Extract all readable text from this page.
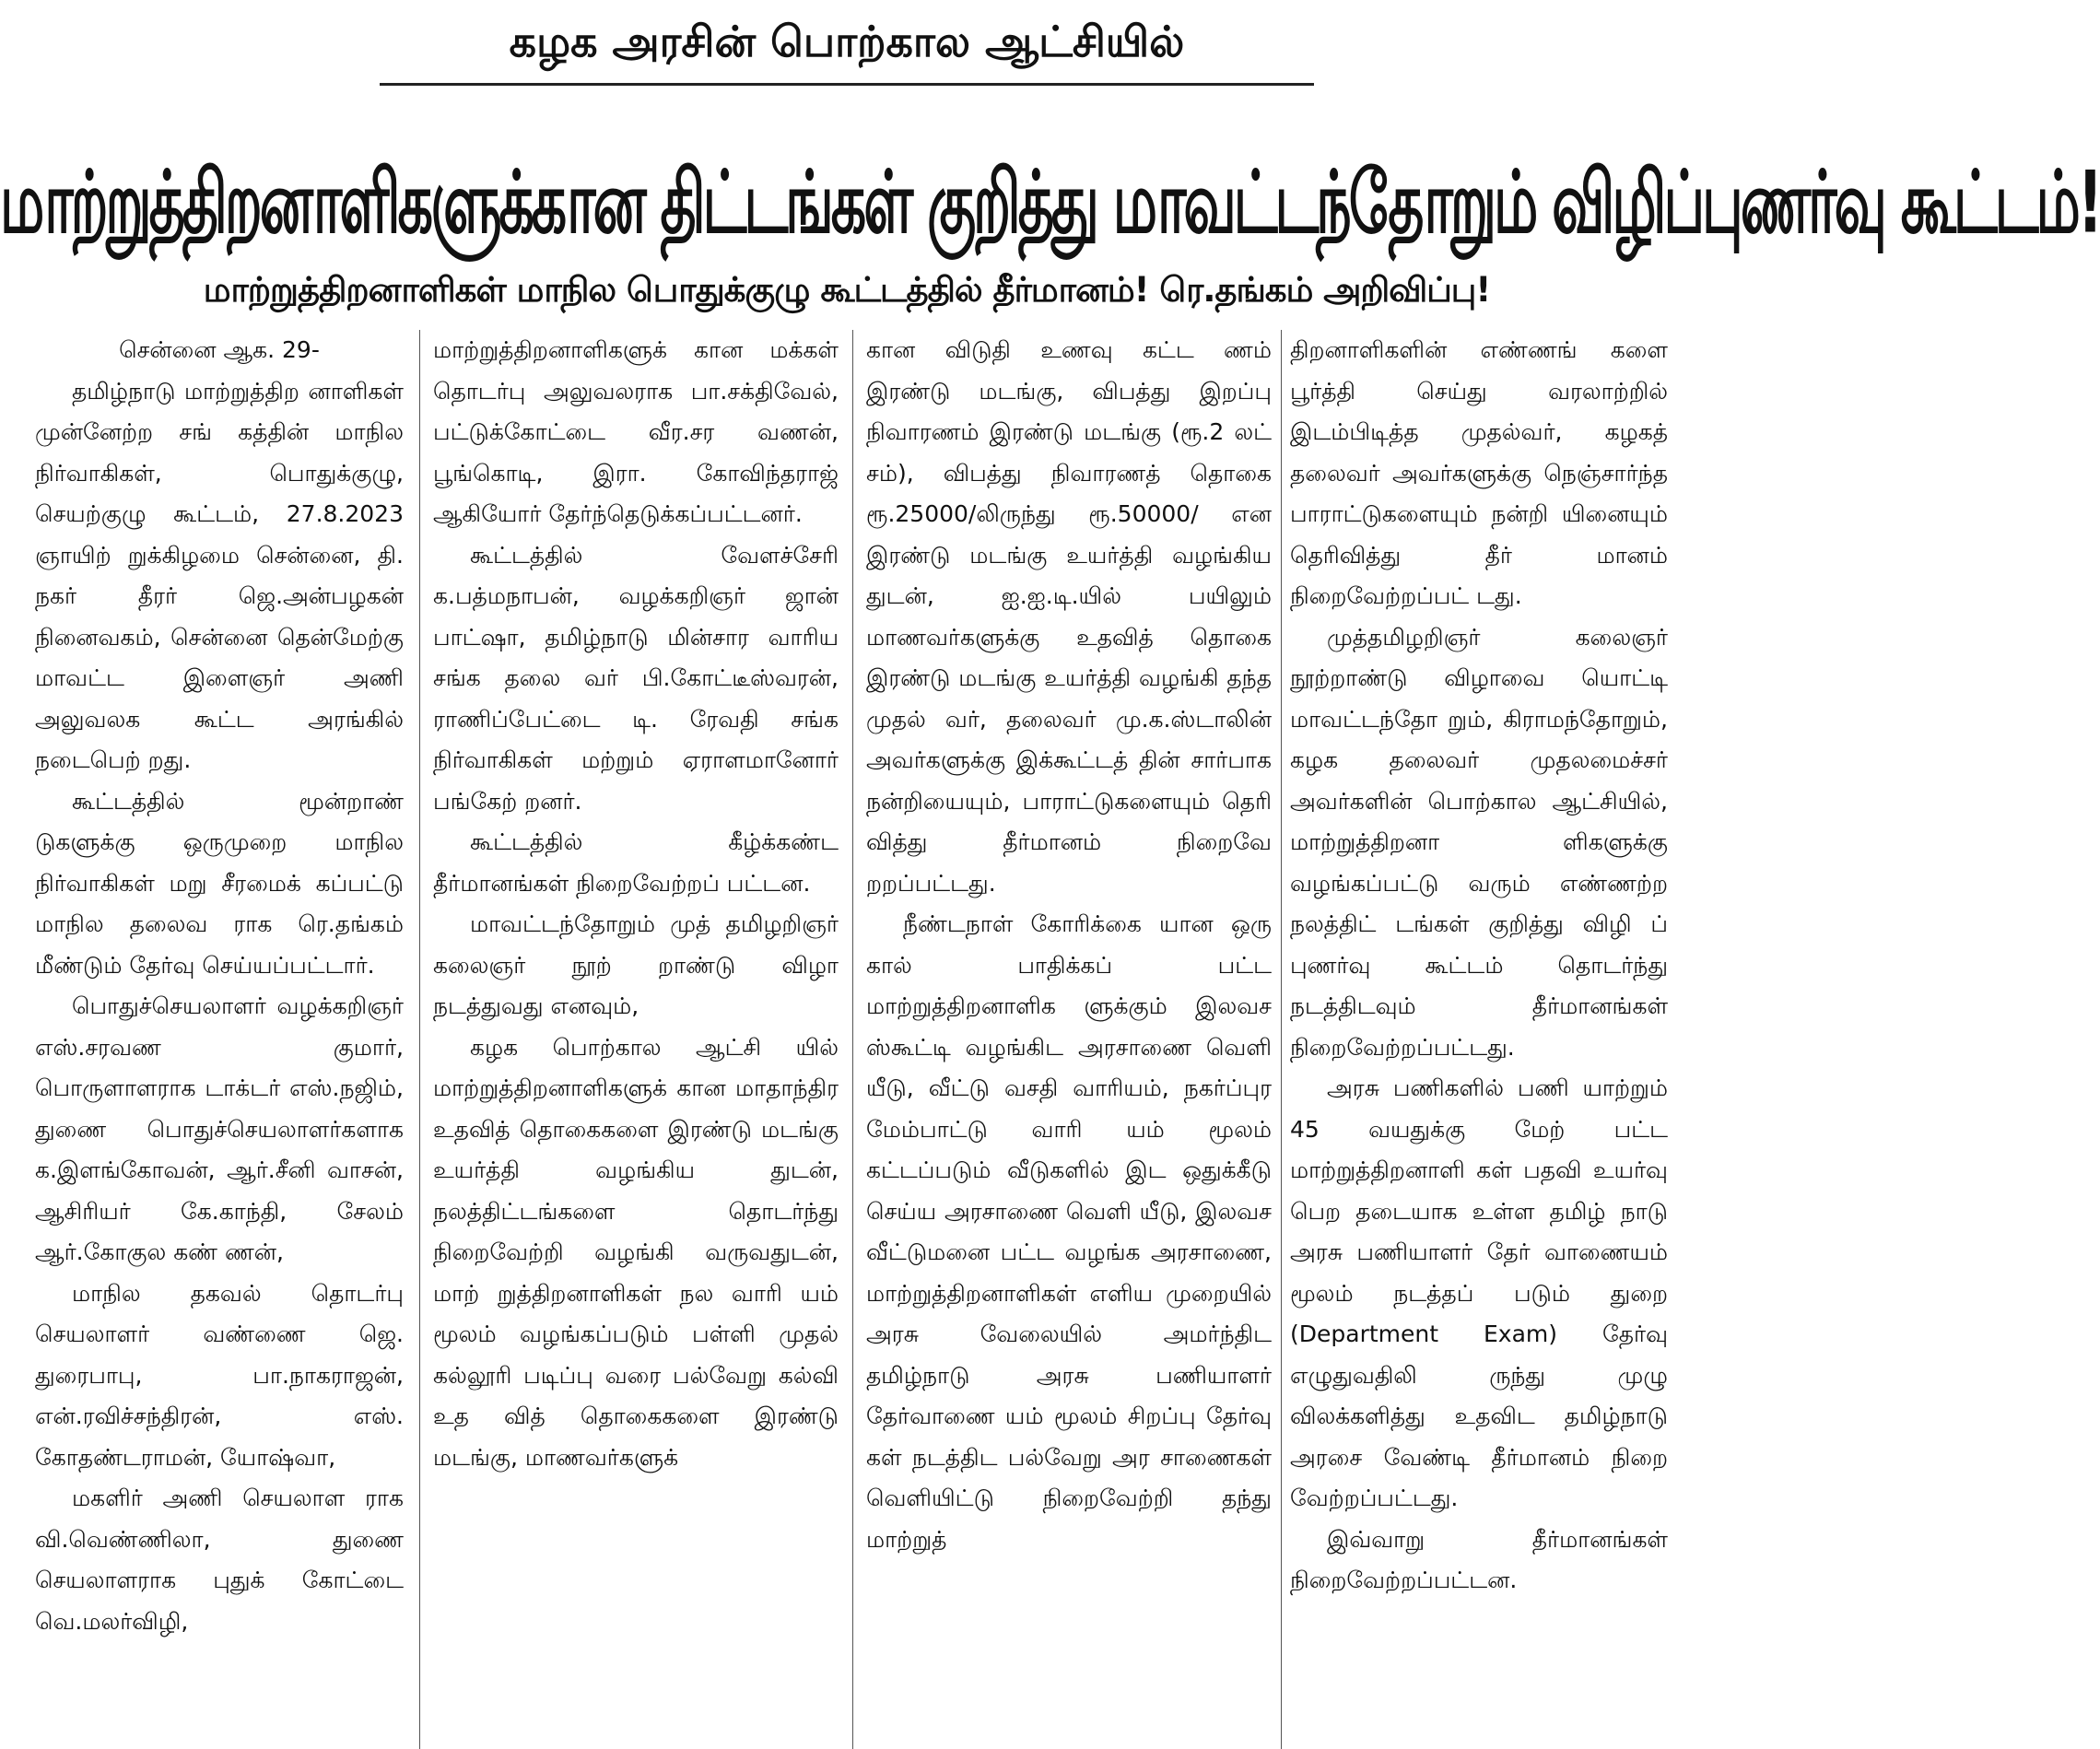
கழக அரசின் பொற்கால ஆட்சியில்
மாற்றுத்திறனாளிகளுக்கான திட்டங்கள் குறித்து மாவட்டந்தோறும் விழிப்புணர்வு கூட்டம்!
மாற்றுத்திறனாளிகள் மாநில பொதுக்குழு கூட்டத்தில் தீர்மானம்! ரெ.தங்கம் அறிவிப்பு!

சென்னை ஆக. 29-

தமிழ்நாடு மாற்றுத்திற னாளிகள் முன்னேற்ற சங் கத்தின் மாநில நிர்வாகிகள், பொதுக்குழு, செயற்குழு கூட்டம், 27.8.2023 ஞாயிற் றுக்கிழமை சென்னை, தி. நகர் தீரர் ஜெ.அன்பழகன் நினைவகம், சென்னை தென்மேற்கு மாவட்ட இளைஞர் அணி அலுவலக கூட்ட அரங்கில் நடைபெற் றது.

கூட்டத்தில் மூன்றாண் டுகளுக்கு ஒருமுறை மாநில நிர்வாகிகள் மறு சீரமைக் கப்பட்டு மாநில தலைவ ராக ரெ.தங்கம் மீண்டும் தேர்வு செய்யப்பட்டார்.

பொதுச்செயலாளர் வழக்கறிஞர் எஸ்.சரவண குமார், பொருளாளராக டாக்டர் எஸ்.நஜிம், துணை பொதுச்செயலாளர்களாக க.இளங்கோவன், ஆர்.சீனி வாசன், ஆசிரியர் கே.காந்தி, சேலம் ஆர்.கோகுல கண் ணன்,

மாநில தகவல் தொடர்பு செயலாளர் வண்ணை ஜெ. துரைபாபு, பா.நாகராஜன், என்.ரவிச்சந்திரன், எஸ். கோதண்டராமன், யோஷ்வா,

மகளிர் அணி செயலாள ராக வி.வெண்ணிலா, துணை செயலாளராக புதுக் கோட்டை வெ.மலர்விழி,

மாற்றுத்திறனாளிகளுக் கான மக்கள் தொடர்பு அலுவலராக பா.சக்திவேல், பட்டுக்கோட்டை வீர.சர வணன், பூங்கொடி, இரா. கோவிந்தராஜ் ஆகியோர் தேர்ந்தெடுக்கப்பட்டனர்.

கூட்டத்தில் வேளச்சேரி க.பத்மநாபன், வழக்கறிஞர் ஜான் பாட்ஷா, தமிழ்நாடு மின்சார வாரிய சங்க தலை வர் பி.கோட்டீஸ்வரன், ராணிப்பேட்டை டி. ரேவதி சங்க நிர்வாகிகள் மற்றும் ஏராளமானோர் பங்கேற் றனர்.

கூட்டத்தில் கீழ்க்கண்ட தீர்மானங்கள் நிறைவேற்றப் பட்டன.

மாவட்டந்தோறும் முத் தமிழறிஞர் கலைஞர் நூற் றாண்டு விழா நடத்துவது எனவும்,

கழக பொற்கால ஆட்சி யில் மாற்றுத்திறனாளிகளுக் கான மாதாந்திர உதவித் தொகைகளை இரண்டு மடங்கு உயர்த்தி வழங்கிய துடன், நலத்திட்டங்களை தொடர்ந்து நிறைவேற்றி வழங்கி வருவதுடன், மாற் றுத்திறனாளிகள் நல வாரி யம் மூலம் வழங்கப்படும் பள்ளி முதல் கல்லூரி படிப்பு வரை பல்வேறு கல்வி உத வித் தொகைகளை இரண்டு மடங்கு, மாணவர்களுக்

கான விடுதி உணவு கட்ட ணம் இரண்டு மடங்கு, விபத்து இறப்பு நிவாரணம் இரண்டு மடங்கு (ரூ.2 லட் சம்), விபத்து நிவாரணத் தொகை ரூ.25000/லிருந்து ரூ.50000/ என இரண்டு மடங்கு உயர்த்தி வழங்கிய துடன், ஐ.ஐ.டி.யில் பயிலும் மாணவர்களுக்கு உதவித் தொகை இரண்டு மடங்கு உயர்த்தி வழங்கி தந்த முதல் வர், தலைவர் மு.க.ஸ்டாலின் அவர்களுக்கு இக்கூட்டத் தின் சார்பாக நன்றியையும், பாராட்டுகளையும் தெரி வித்து தீர்மானம் நிறைவே றறப்பட்டது.

நீண்டநாள் கோரிக்கை யான ஒரு கால் பாதிக்கப் பட்ட மாற்றுத்திறனாளிக ளுக்கும் இலவச ஸ்கூட்டி வழங்கிட அரசாணை வெளி யீடு, வீட்டு வசதி வாரியம், நகர்ப்புர மேம்பாட்டு வாரி யம் மூலம் கட்டப்படும் வீடுகளில் இட ஒதுக்கீடு செய்ய அரசாணை வெளி யீடு, இலவச வீட்டுமனை பட்ட வழங்க அரசாணை, மாற்றுத்திறனாளிகள் எளிய முறையில் அரசு வேலையில் அமர்ந்திட தமிழ்நாடு அரசு பணியாளர் தேர்வாணை யம் மூலம் சிறப்பு தேர்வு கள் நடத்திட பல்வேறு அர சாணைகள் வெளியிட்டு நிறைவேற்றி தந்து மாற்றுத்

திறனாளிகளின் எண்ணங் களை பூர்த்தி செய்து வரலாற்றில் இடம்பிடித்த முதல்வர், கழகத் தலைவர் அவர்களுக்கு நெஞ்சார்ந்த பாராட்டுகளையும் நன்றி யினையும் தெரிவித்து தீர் மானம் நிறைவேற்றப்பட் டது.

முத்தமிழறிஞர் கலைஞர் நூற்றாண்டு விழாவை யொட்டி மாவட்டந்தோ றும், கிராமந்தோறும், கழக தலைவர் முதலமைச்சர் அவர்களின் பொற்கால ஆட்சியில், மாற்றுத்திறனா ளிகளுக்கு வழங்கப்பட்டு வரும் எண்ணற்ற நலத்திட் டங்கள் குறித்து விழி ப் புணர்வு கூட்டம் தொடர்ந்து நடத்திடவும் தீர்மானங்கள் நிறைவேற்றப்பட்டது.

அரசு பணிகளில் பணி யாற்றும் 45 வயதுக்கு மேற் பட்ட மாற்றுத்திறனாளி கள் பதவி உயர்வு பெற தடையாக உள்ள தமிழ் நாடு அரசு பணியாளர் தேர் வாணையம் மூலம் நடத்தப் படும் துறை (Department Exam) தேர்வு எழுதுவதிலி ருந்து முழு விலக்களித்து உதவிட தமிழ்நாடு அரசை வேண்டி தீர்மானம் நிறை வேற்றப்பட்டது.

இவ்வாறு தீர்மானங்கள் நிறைவேற்றப்பட்டன.
